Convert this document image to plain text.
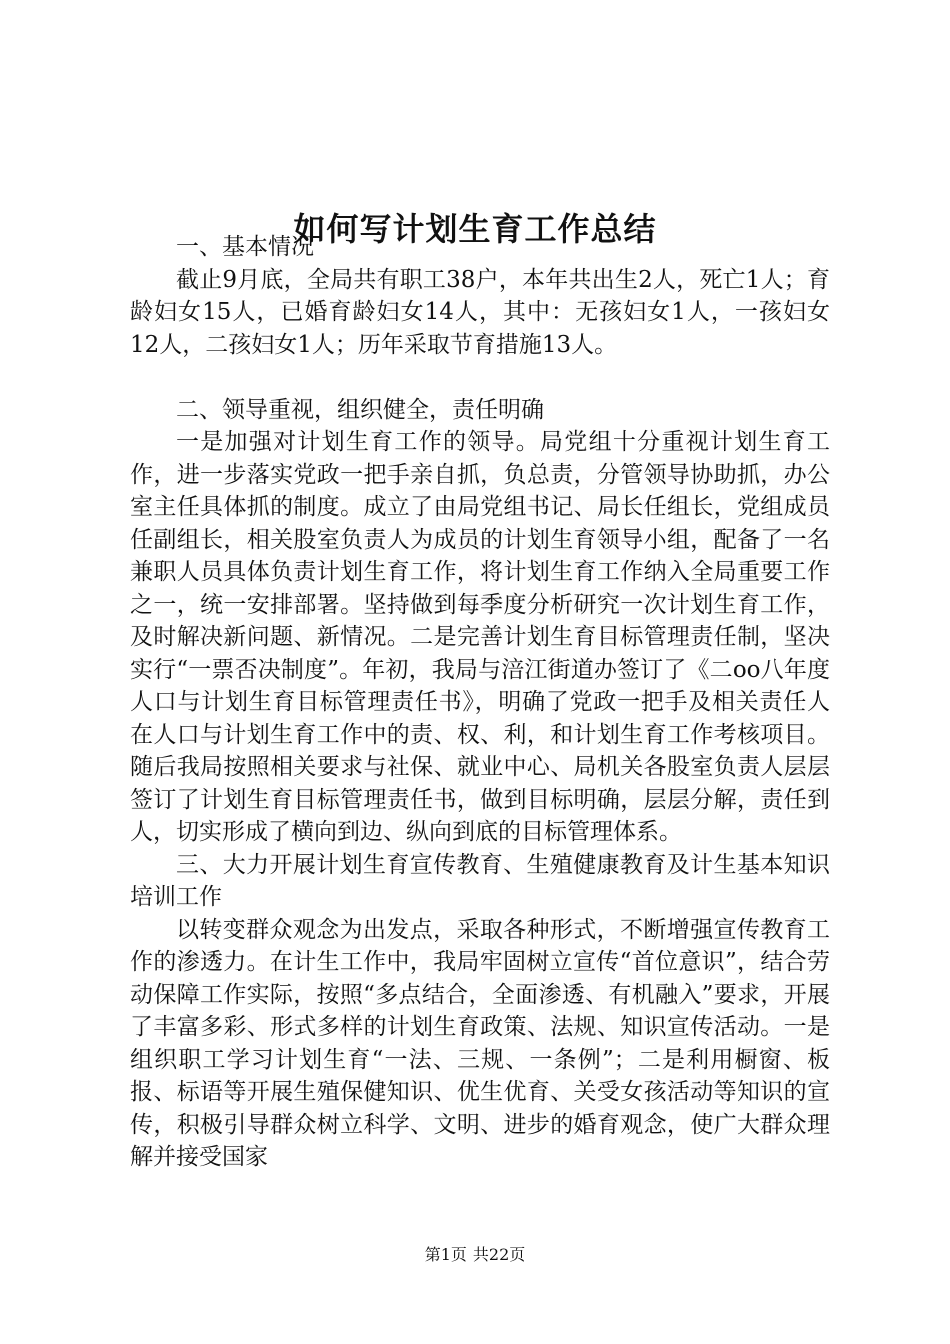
如何写计划生育工作总结

一、基本情况

截止9月底，全局共有职工38户，本年共出生2人，死亡1人；育龄妇女15人，已婚育龄妇女14人，其中：无孩妇女1人，一孩妇女12人，二孩妇女1人；历年采取节育措施13人。

二、领导重视，组织健全，责任明确

一是加强对计划生育工作的领导。局党组十分重视计划生育工作，进一步落实党政一把手亲自抓，负总责，分管领导协助抓，办公室主任具体抓的制度。成立了由局党组书记、局长任组长，党组成员任副组长，相关股室负责人为成员的计划生育领导小组，配备了一名兼职人员具体负责计划生育工作，将计划生育工作纳入全局重要工作之一，统一安排部署。坚持做到每季度分析研究一次计划生育工作，及时解决新问题、新情况。二是完善计划生育目标管理责任制，坚决实行“一票否决制度”。年初，我局与涪江街道办签订了《二oo八年度人口与计划生育目标管理责任书》，明确了党政一把手及相关责任人在人口与计划生育工作中的责、权、利，和计划生育工作考核项目。随后我局按照相关要求与社保、就业中心、局机关各股室负责人层层签订了计划生育目标管理责任书，做到目标明确，层层分解，责任到人，切实形成了横向到边、纵向到底的目标管理体系。

三、大力开展计划生育宣传教育、生殖健康教育及计生基本知识培训工作

以转变群众观念为出发点，采取各种形式，不断增强宣传教育工作的渗透力。在计生工作中，我局牢固树立宣传“首位意识”，结合劳动保障工作实际，按照“多点结合，全面渗透、有机融入”要求，开展了丰富多彩、形式多样的计划生育政策、法规、知识宣传活动。一是组织职工学习计划生育“一法、三规、一条例”；二是利用橱窗、板报、标语等开展生殖保健知识、优生优育、关受女孩活动等知识的宣传，积极引导群众树立科学、文明、进步的婚育观念，使广大群众理解并接受国家

第1页 共22页
